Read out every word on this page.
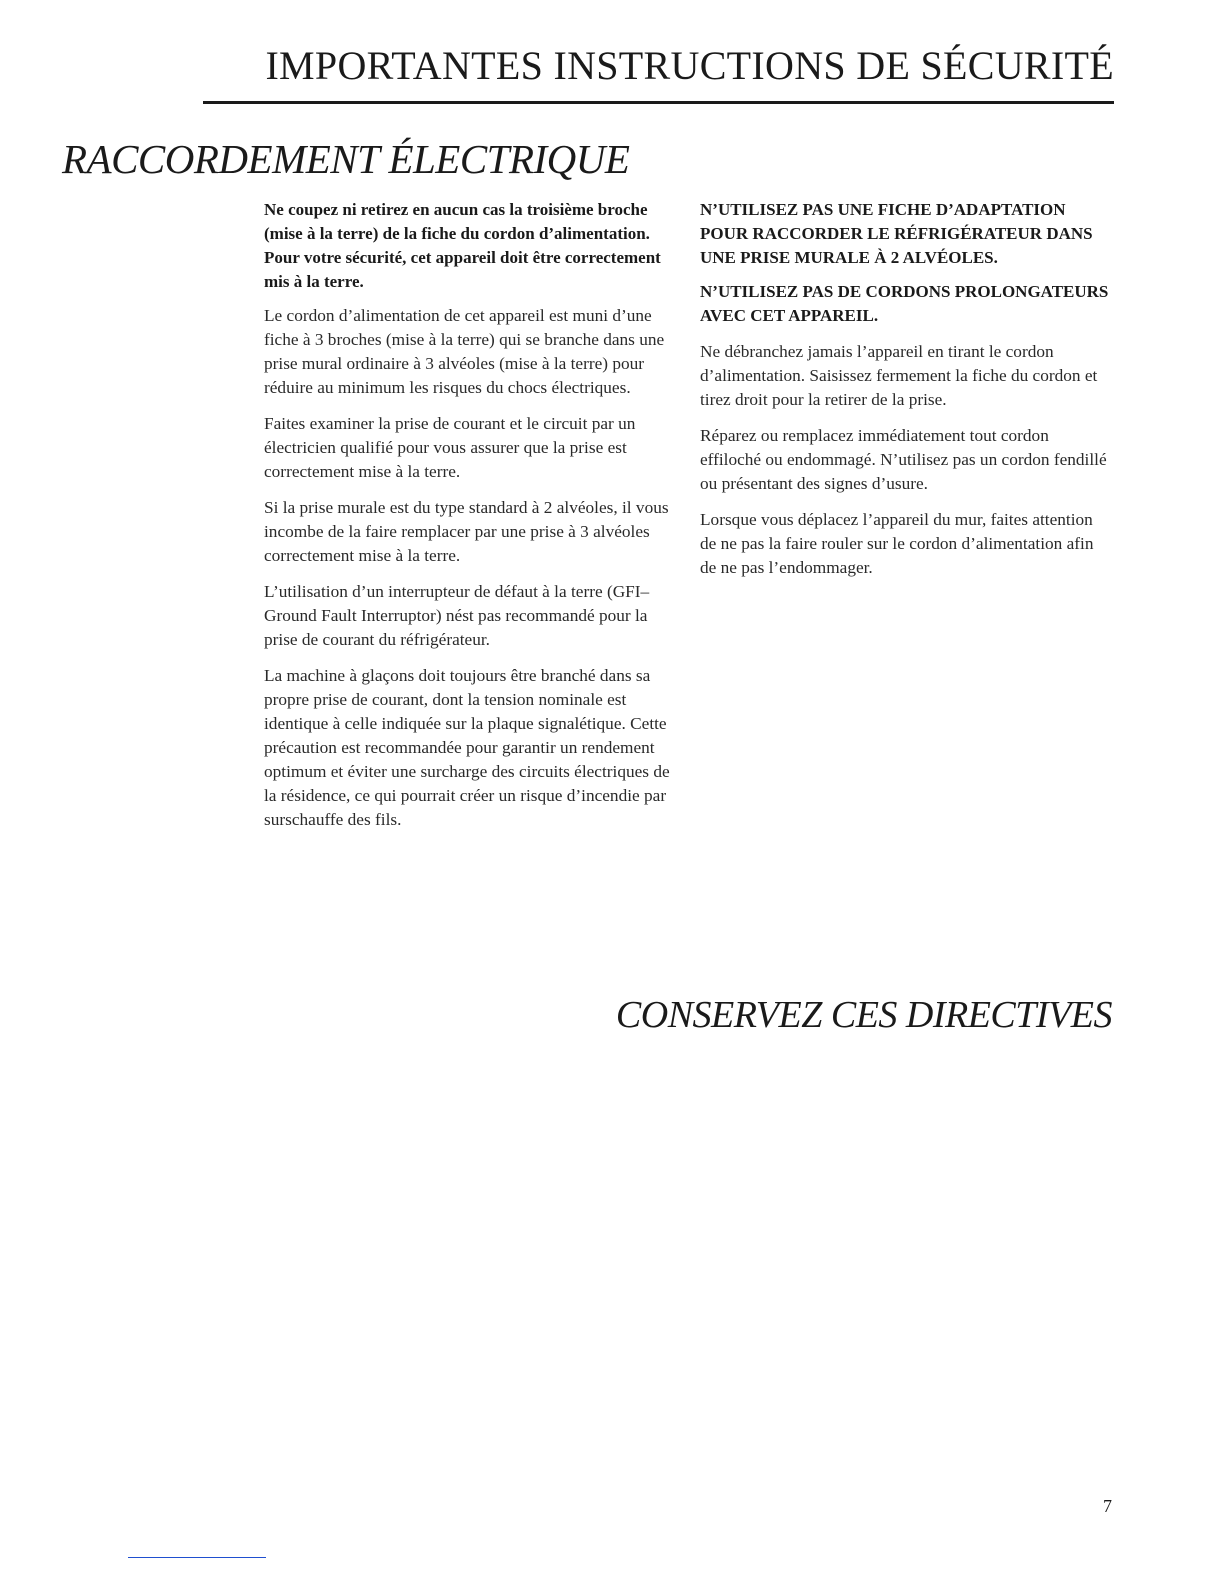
IMPORTANTES INSTRUCTIONS DE SÉCURITÉ
RACCORDEMENT ÉLECTRIQUE

Ne coupez ni retirez en aucun cas la troisième broche (mise à la terre) de la fiche du cordon d’alimentation. Pour votre sécurité, cet appareil doit être correctement mis à la terre.

Le cordon d’alimentation de cet appareil est muni d’une fiche à 3 broches (mise à la terre) qui se branche dans une prise mural ordinaire à 3 alvéoles (mise à la terre) pour réduire au minimum les risques du chocs électriques.

Faites examiner la prise de courant et le circuit par un électricien qualifié pour vous assurer que la prise est correctement mise à la terre.

Si la prise murale est du type standard à 2 alvéoles, il vous incombe de la faire remplacer par une prise à 3 alvéoles correctement mise à la terre.

L’utilisation d’un interrupteur de défaut à la terre (GFI–Ground Fault Interruptor) nést pas recommandé pour la prise de courant du réfrigérateur.

La machine à glaçons doit toujours être branché dans sa propre prise de courant, dont la tension nominale est identique à celle indiquée sur la plaque signalétique. Cette précaution est recommandée pour garantir un rendement optimum et éviter une surcharge des circuits électriques de la résidence, ce qui pourrait créer un risque d’incendie par surschauffe des fils.

N’UTILISEZ PAS UNE FICHE D’ADAPTATION POUR RACCORDER LE RÉFRIGÉRATEUR DANS UNE PRISE MURALE À 2 ALVÉOLES.

N’UTILISEZ PAS DE CORDONS PROLONGATEURS AVEC CET APPAREIL.

Ne débranchez jamais l’appareil en tirant le cordon d’alimentation. Saisissez fermement la fiche du cordon et tirez droit pour la retirer de la prise.

Réparez ou remplacez immédiatement tout cordon effiloché ou endommagé. N’utilisez pas un cordon fendillé ou présentant des signes d’usure.

Lorsque vous déplacez l’appareil du mur, faites attention de ne pas la faire rouler sur le cordon d’alimentation afin de ne pas l’endommager.

CONSERVEZ CES DIRECTIVES
7
